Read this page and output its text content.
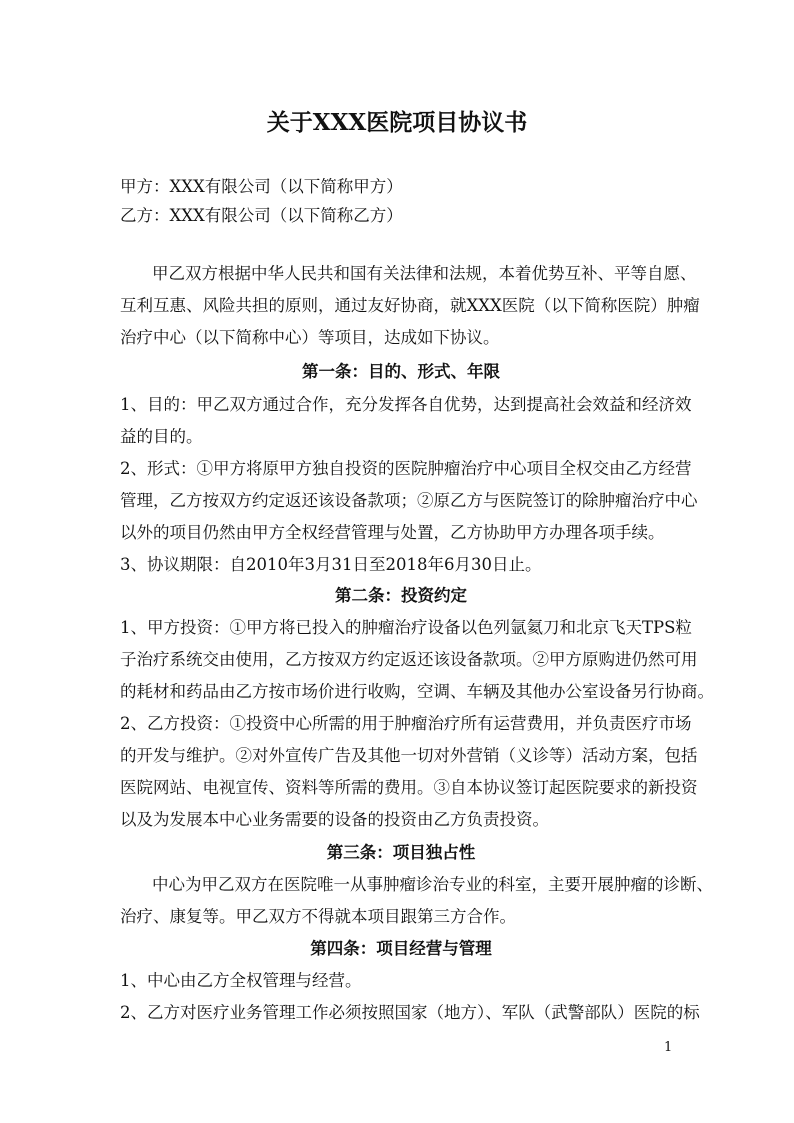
关于XXX医院项目协议书
甲方：XXX有限公司（以下简称甲方）
乙方：XXX有限公司（以下简称乙方）
甲乙双方根据中华人民共和国有关法律和法规，本着优势互补、平等自愿、
互利互惠、风险共担的原则，通过友好协商，就XXX医院（以下简称医院）肿瘤
治疗中心（以下简称中心）等项目，达成如下协议。
第一条：目的、形式、年限
1、目的：甲乙双方通过合作，充分发挥各自优势，达到提高社会效益和经济效
益的目的。
2、形式：①甲方将原甲方独自投资的医院肿瘤治疗中心项目全权交由乙方经营
管理，乙方按双方约定返还该设备款项；②原乙方与医院签订的除肿瘤治疗中心
以外的项目仍然由甲方全权经营管理与处置，乙方协助甲方办理各项手续。
3、协议期限：自2010年3月31日至2018年6月30日止。
第二条：投资约定
1、甲方投资：①甲方将已投入的肿瘤治疗设备以色列氩氦刀和北京飞天TPS粒
子治疗系统交由使用，乙方按双方约定返还该设备款项。②甲方原购进仍然可用
的耗材和药品由乙方按市场价进行收购，空调、车辆及其他办公室设备另行协商。
2、乙方投资：①投资中心所需的用于肿瘤治疗所有运营费用，并负责医疗市场
的开发与维护。②对外宣传广告及其他一切对外营销（义诊等）活动方案，包括
医院网站、电视宣传、资料等所需的费用。③自本协议签订起医院要求的新投资
以及为发展本中心业务需要的设备的投资由乙方负责投资。
第三条：项目独占性
中心为甲乙双方在医院唯一从事肿瘤诊治专业的科室，主要开展肿瘤的诊断、
治疗、康复等。甲乙双方不得就本项目跟第三方合作。
第四条：项目经营与管理
1、中心由乙方全权管理与经营。
2、乙方对医疗业务管理工作必须按照国家（地方）、军队（武警部队）医院的标
1
